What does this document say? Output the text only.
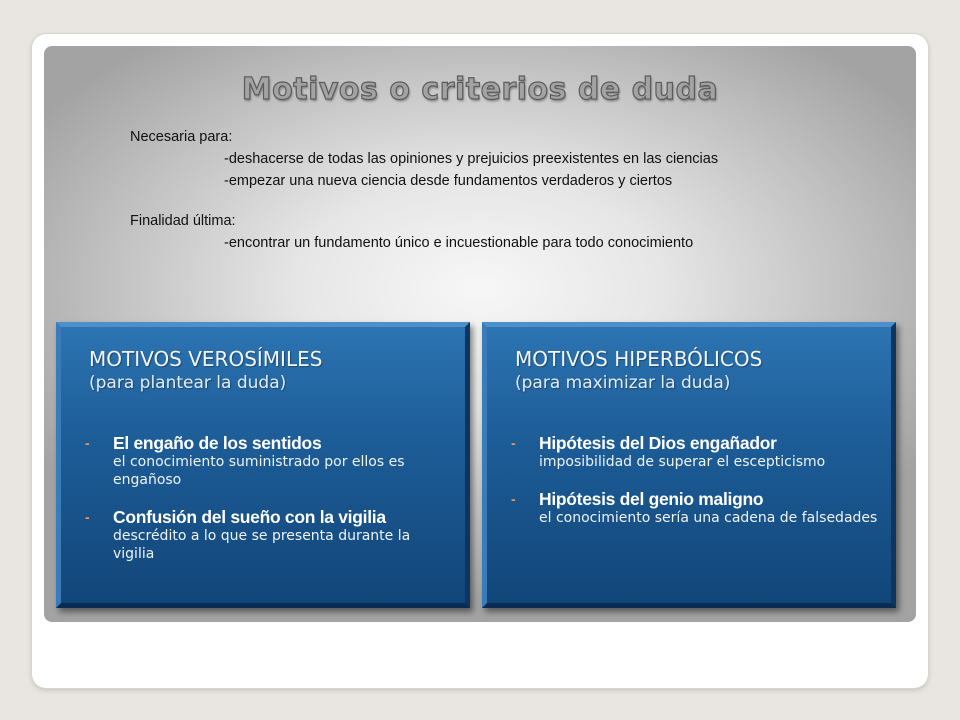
Motivos o criterios de duda
Necesaria para:
-deshacerse de todas las opiniones y prejuicios preexistentes en las ciencias
-empezar una nueva ciencia desde fundamentos verdaderos y ciertos
Finalidad última:
-encontrar un fundamento único e incuestionable para todo conocimiento
MOTIVOS VEROSÍMILES
(para plantear la duda)
- El engaño de los sentidos
el conocimiento suministrado por ellos es engañoso
- Confusión del sueño con la vigilia
descrédito a lo que se presenta durante la vigilia
MOTIVOS HIPERBÓLICOS
(para maximizar la duda)
- Hipótesis del Dios engañador
imposibilidad de superar el escepticismo
- Hipótesis del genio maligno
el conocimiento sería una cadena de falsedades
